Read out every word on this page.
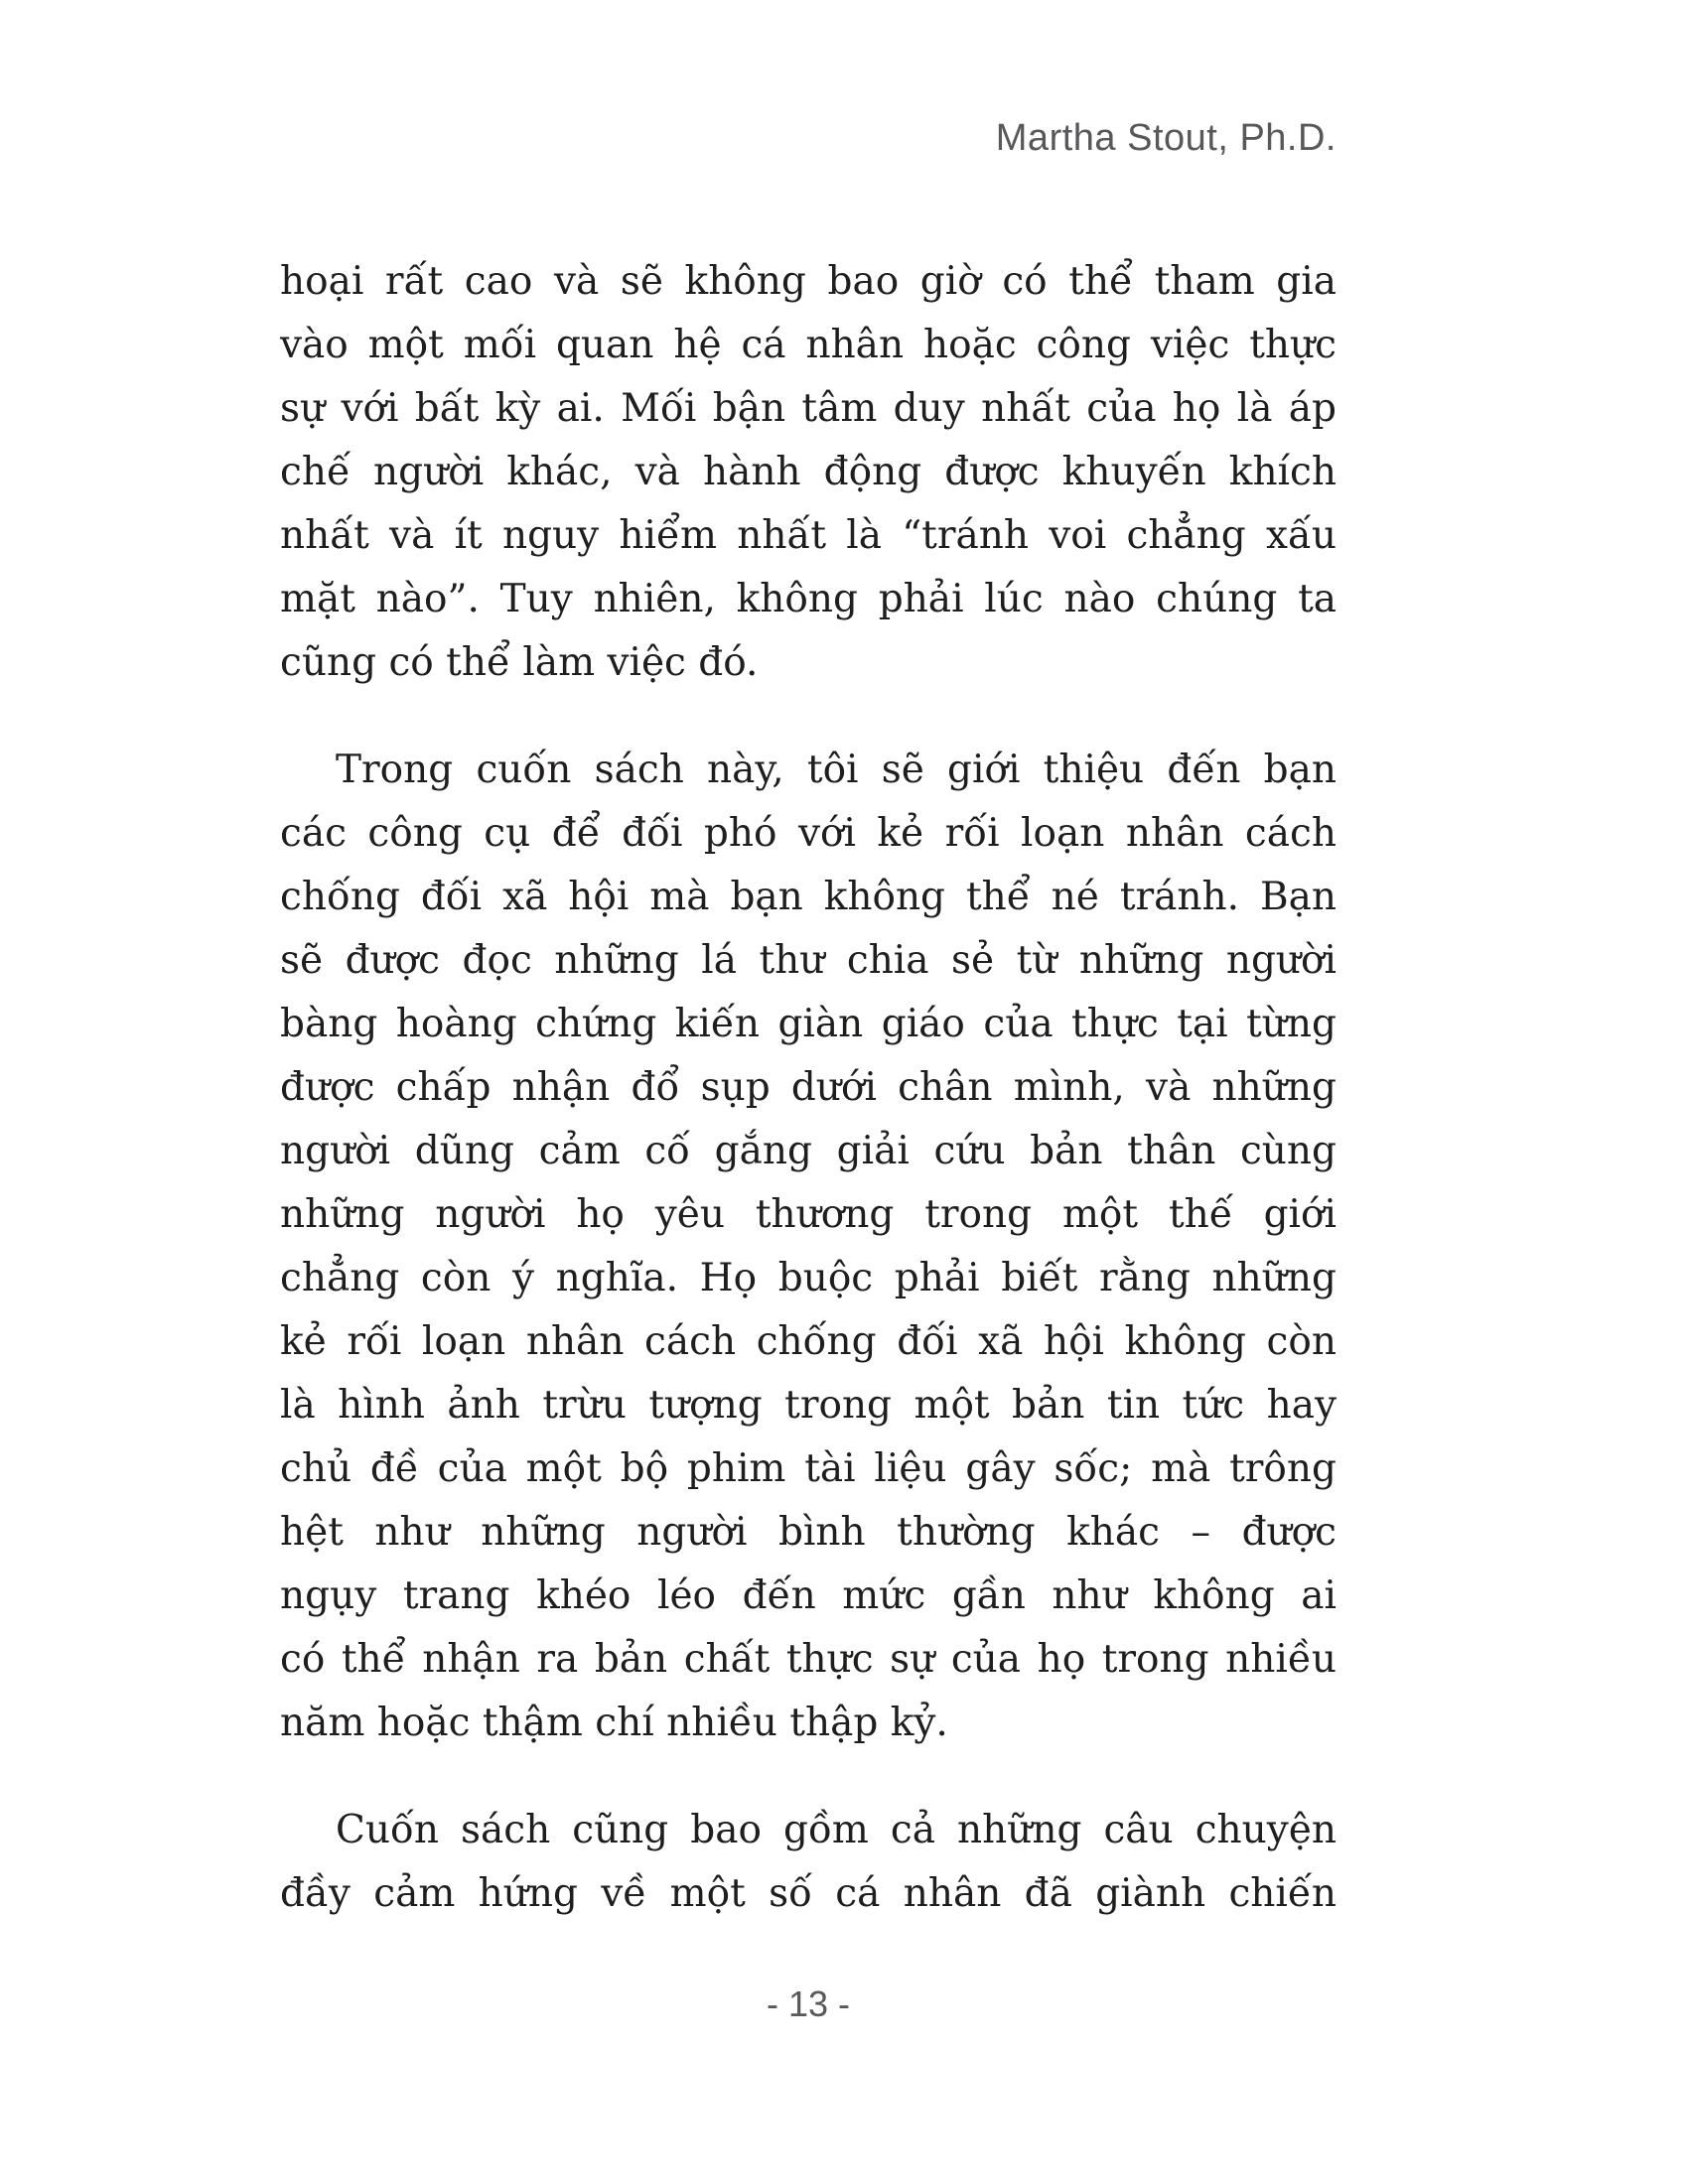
Martha Stout, Ph.D.
hoại rất cao và sẽ không bao giờ có thể tham gia
vào một mối quan hệ cá nhân hoặc công việc thực
sự với bất kỳ ai. Mối bận tâm duy nhất của họ là áp
chế người khác, và hành động được khuyến khích
nhất và ít nguy hiểm nhất là “tránh voi chẳng xấu
mặt nào”. Tuy nhiên, không phải lúc nào chúng ta
cũng có thể làm việc đó.
Trong cuốn sách này, tôi sẽ giới thiệu đến bạn
các công cụ để đối phó với kẻ rối loạn nhân cách
chống đối xã hội mà bạn không thể né tránh. Bạn
sẽ được đọc những lá thư chia sẻ từ những người
bàng hoàng chứng kiến giàn giáo của thực tại từng
được chấp nhận đổ sụp dưới chân mình, và những
người dũng cảm cố gắng giải cứu bản thân cùng
những người họ yêu thương trong một thế giới
chẳng còn ý nghĩa. Họ buộc phải biết rằng những
kẻ rối loạn nhân cách chống đối xã hội không còn
là hình ảnh trừu tượng trong một bản tin tức hay
chủ đề của một bộ phim tài liệu gây sốc; mà trông
hệt như những người bình thường khác – được
ngụy trang khéo léo đến mức gần như không ai
có thể nhận ra bản chất thực sự của họ trong nhiều
năm hoặc thậm chí nhiều thập kỷ.
Cuốn sách cũng bao gồm cả những câu chuyện
đầy cảm hứng về một số cá nhân đã giành chiến
- 13 -
